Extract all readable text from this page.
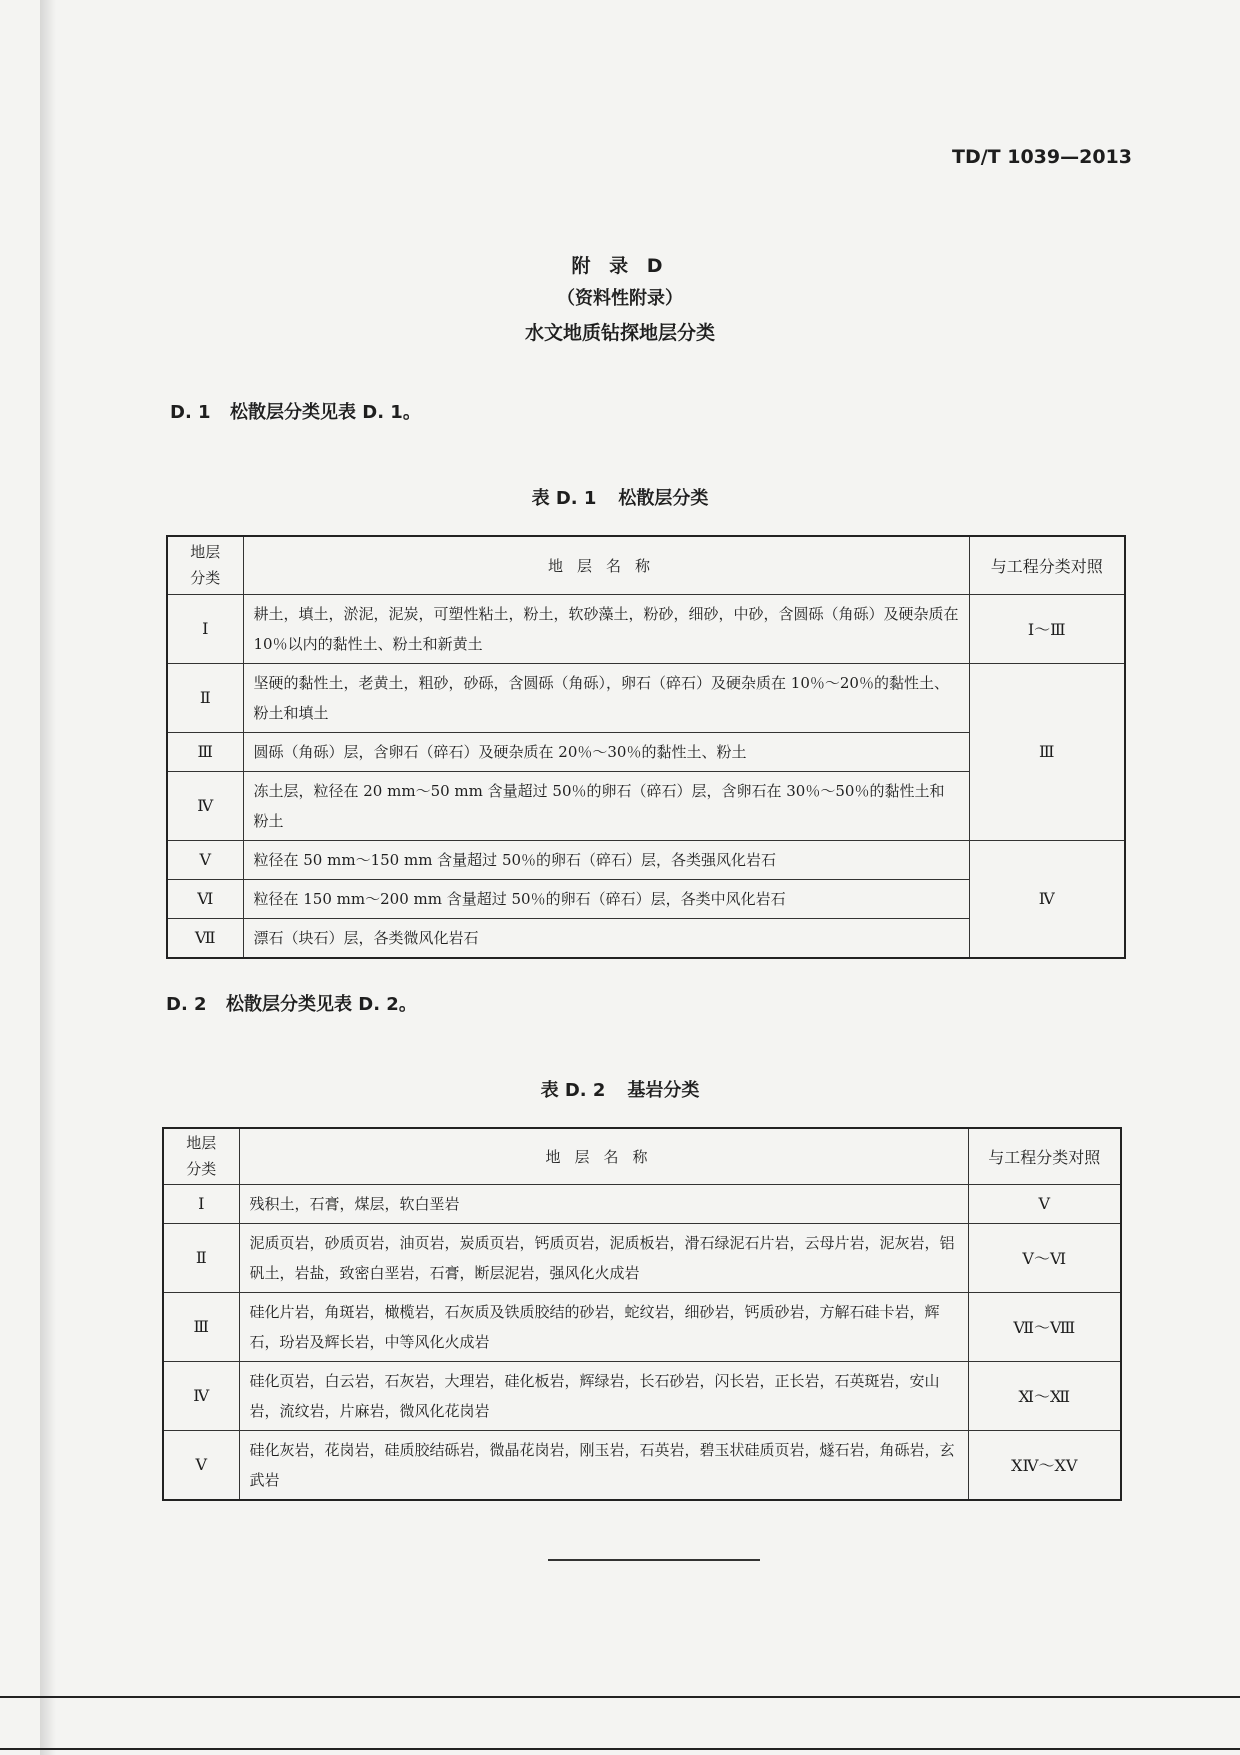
TD/T 1039—2013
附 录 D
（资料性附录）
水文地质钻探地层分类
D. 1 松散层分类见表 D. 1。
表 D. 1 松散层分类
地层
分类	地层名称	与工程分类对照
Ⅰ	耕土，填土，淤泥，泥炭，可塑性粘土，粉土，软砂藻土，粉砂，细砂，中砂，含圆砾（角砾）及硬杂质在 10％以内的黏性土、粉土和新黄土	Ⅰ～Ⅲ
Ⅱ	坚硬的黏性土，老黄土，粗砂，砂砾，含圆砾（角砾），卵石（碎石）及硬杂质在 10％～20％的黏性土、粉土和填土	Ⅲ
Ⅲ	圆砾（角砾）层，含卵石（碎石）及硬杂质在 20％～30％的黏性土、粉土	
Ⅳ	冻土层，粒径在 20 mm～50 mm 含量超过 50％的卵石（碎石）层，含卵石在 30％～50％的黏性土和粉土	
Ⅴ	粒径在 50 mm～150 mm 含量超过 50％的卵石（碎石）层，各类强风化岩石	Ⅳ
Ⅵ	粒径在 150 mm～200 mm 含量超过 50％的卵石（碎石）层，各类中风化岩石	
Ⅶ	漂石（块石）层，各类微风化岩石	
D. 2 松散层分类见表 D. 2。
表 D. 2 基岩分类
地层
分类	地层名称	与工程分类对照
Ⅰ	残积土，石膏，煤层，软白垩岩	Ⅴ
Ⅱ	泥质页岩，砂质页岩，油页岩，炭质页岩，钙质页岩，泥质板岩，滑石绿泥石片岩，云母片岩，泥灰岩，铝矾土，岩盐，致密白垩岩，石膏，断层泥岩，强风化火成岩	Ⅴ～Ⅵ
Ⅲ	硅化片岩，角斑岩，橄榄岩，石灰质及铁质胶结的砂岩，蛇纹岩，细砂岩，钙质砂岩，方解石硅卡岩，辉石，玢岩及辉长岩，中等风化火成岩	Ⅶ～Ⅷ
Ⅳ	硅化页岩，白云岩，石灰岩，大理岩，硅化板岩，辉绿岩，长石砂岩，闪长岩，正长岩，石英斑岩，安山岩，流纹岩，片麻岩，微风化花岗岩	Ⅺ～Ⅻ
Ⅴ	硅化灰岩，花岗岩，硅质胶结砾岩，微晶花岗岩，刚玉岩，石英岩，碧玉状硅质页岩，燧石岩，角砾岩，玄武岩	ⅩⅣ～ⅩⅤ
